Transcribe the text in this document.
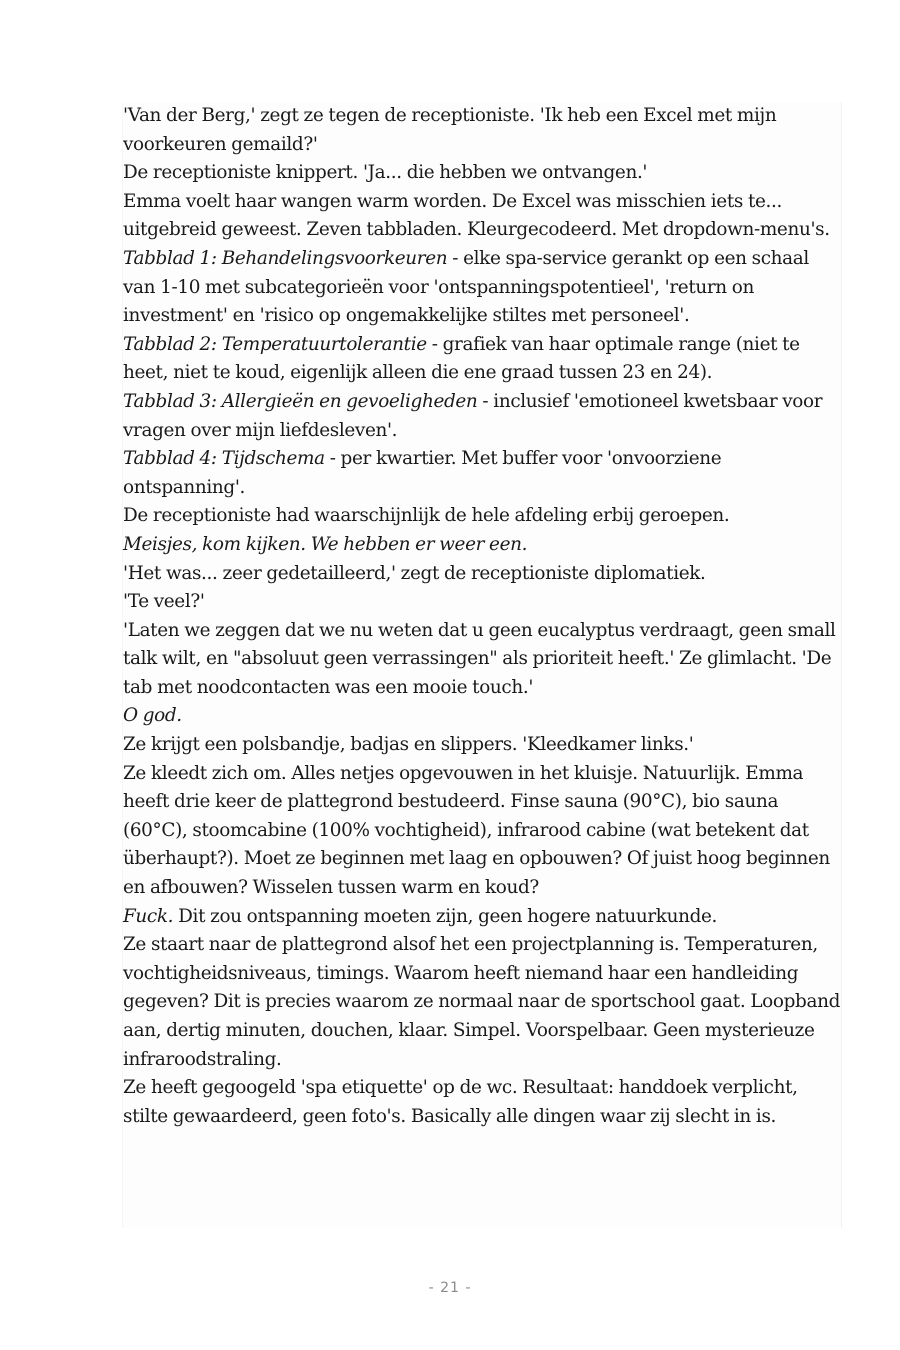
'Van der Berg,' zegt ze tegen de receptioniste. 'Ik heb een Excel met mijn voorkeuren gemaild?'

De receptioniste knippert. 'Ja... die hebben we ontvangen.'

Emma voelt haar wangen warm worden. De Excel was misschien iets te... uitgebreid geweest. Zeven tabbladen. Kleurgecodeerd. Met dropdown-menu's.

Tabblad 1: Behandelingsvoorkeuren - elke spa-service gerankt op een schaal van 1-10 met subcategorieën voor 'ontspanningspotentieel', 'return on investment' en 'risico op ongemakkelijke stiltes met personeel'.

Tabblad 2: Temperatuurtolerantie - grafiek van haar optimale range (niet te heet, niet te koud, eigenlijk alleen die ene graad tussen 23 en 24).

Tabblad 3: Allergieën en gevoeligheden - inclusief 'emotioneel kwetsbaar voor vragen over mijn liefdesleven'.

Tabblad 4: Tijdschema - per kwartier. Met buffer voor 'onvoorziene ontspanning'.

De receptioniste had waarschijnlijk de hele afdeling erbij geroepen.

Meisjes, kom kijken. We hebben er weer een.

'Het was... zeer gedetailleerd,' zegt de receptioniste diplomatiek.

'Te veel?'

'Laten we zeggen dat we nu weten dat u geen eucalyptus verdraagt, geen small talk wilt, en "absoluut geen verrassingen" als prioriteit heeft.' Ze glimlacht. 'De tab met noodcontacten was een mooie touch.'

O god.

Ze krijgt een polsbandje, badjas en slippers. 'Kleedkamer links.'

Ze kleedt zich om. Alles netjes opgevouwen in het kluisje. Natuurlijk. Emma heeft drie keer de plattegrond bestudeerd. Finse sauna (90°C), bio sauna (60°C), stoomcabine (100% vochtigheid), infrarood cabine (wat betekent dat überhaupt?). Moet ze beginnen met laag en opbouwen? Of juist hoog beginnen en afbouwen? Wisselen tussen warm en koud?

Fuck. Dit zou ontspanning moeten zijn, geen hogere natuurkunde.

Ze staart naar de plattegrond alsof het een projectplanning is. Temperaturen, vochtigheidsniveaus, timings. Waarom heeft niemand haar een handleiding gegeven? Dit is precies waarom ze normaal naar de sportschool gaat. Loopband aan, dertig minuten, douchen, klaar. Simpel. Voorspelbaar. Geen mysterieuze infraroodstraling.

Ze heeft gegoogeld 'spa etiquette' op de wc. Resultaat: handdoek verplicht, stilte gewaardeerd, geen foto's. Basically alle dingen waar zij slecht in is.

- 21 -
